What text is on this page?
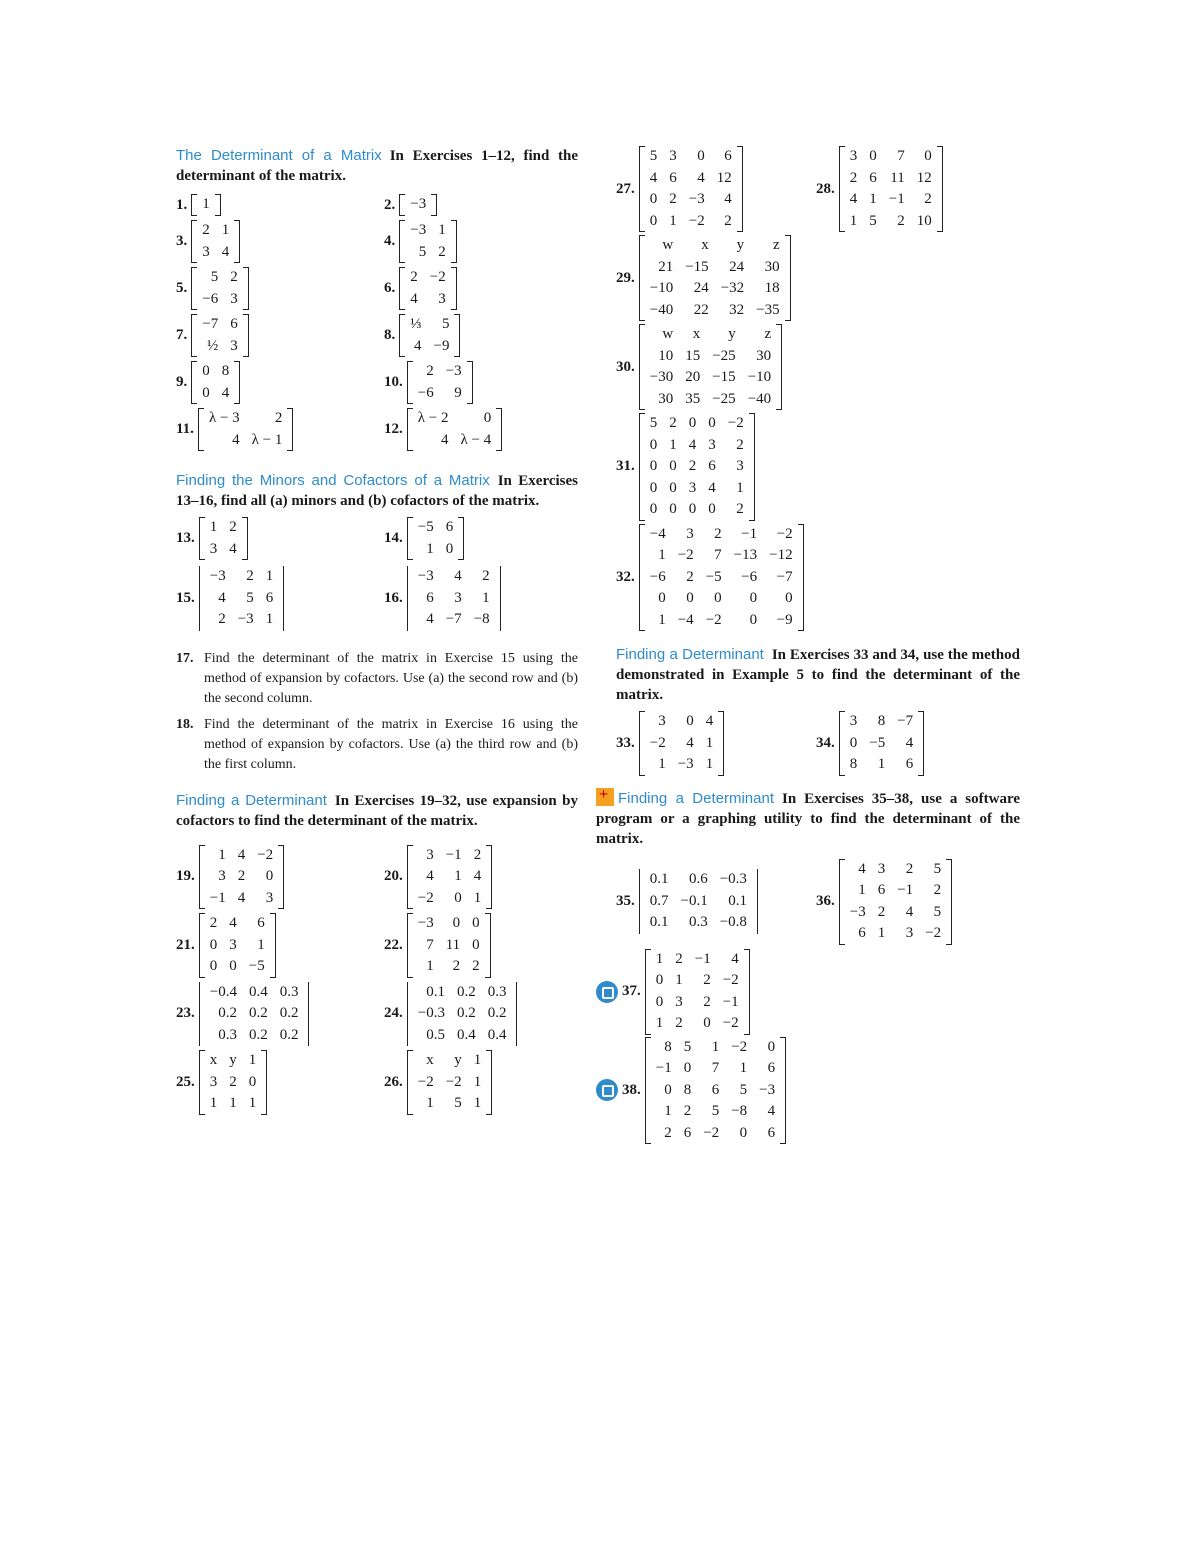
The Determinant of a Matrix In Exercises 1–12, find the determinant of the matrix.
1. 1	2. −3
3.
2	1
3	4
4.
−3	1
5	2
5.
5	2
−6	3
6.
2	−2
4	3
7.
−7	6
½	3
8.
⅓	5
4	−9
9.
0	8
0	4
10.
2	−3
−6	9
11.
λ − 3	2
4	λ − 1
12.
λ − 2	0
4	λ − 4
Finding the Minors and Cofactors of a Matrix In Exercises 13–16, find all (a) minors and (b) cofactors of the matrix.
13.
1	2
3	4
14.
−5	6
1	0
15.
−3	2	1
4	5	6
2	−3	1
16.
−3	4	2
6	3	1
4	−7	−8
17. Find the determinant of the matrix in Exercise 15 using the method of expansion by cofactors. Use (a) the second row and (b) the second column.
18. Find the determinant of the matrix in Exercise 16 using the method of expansion by cofactors. Use (a) the third row and (b) the first column.
Finding a Determinant In Exercises 19–32, use expansion by cofactors to find the determinant of the matrix.
19.
1	4	−2
3	2	0
−1	4	3
20.
3	−1	2
4	1	4
−2	0	1
21.
2	4	6
0	3	1
0	0	−5
22.
−3	0	0
7	11	0
1	2	2
23.
−0.4	0.4	0.3
0.2	0.2	0.2
0.3	0.2	0.2
24.
0.1	0.2	0.3
−0.3	0.2	0.2
0.5	0.4	0.4
25.
x	y	1
3	2	0
1	1	1
26.
x	y	1
−2	−2	1
1	5	1
27.
5	3	0	6
4	6	4	12
0	2	−3	4
0	1	−2	2
28.
3	0	7	0
2	6	11	12
4	1	−1	2
1	5	2	10
29.
w	x	y	z
21	−15	24	30
−10	24	−32	18
−40	22	32	−35
30.
w	x	y	z
10	15	−25	30
−30	20	−15	−10
30	35	−25	−40
31.
5	2	0	0	−2
0	1	4	3	2
0	0	2	6	3
0	0	3	4	1
0	0	0	0	2
32.
−4	3	2	−1	−2
1	−2	7	−13	−12
−6	2	−5	−6	−7
0	0	0	0	0
1	−4	−2	0	−9
Finding a Determinant In Exercises 33 and 34, use the method demonstrated in Example 5 to find the determinant of the matrix.
33.
3	0	4
−2	4	1
1	−3	1
34.
3	8	−7
0	−5	4
8	1	6
+Finding a Determinant In Exercises 35–38, use a software program or a graphing utility to find the determinant of the matrix.
35.
0.1	0.6	−0.3
0.7	−0.1	0.1
0.1	0.3	−0.8
36.
4	3	2	5
1	6	−1	2
−3	2	4	5
6	1	3	−2
37.
1	2	−1	4
0	1	2	−2
0	3	2	−1
1	2	0	−2
38.
8	5	1	−2	0
−1	0	7	1	6
0	8	6	5	−3
1	2	5	−8	4
2	6	−2	0	6
